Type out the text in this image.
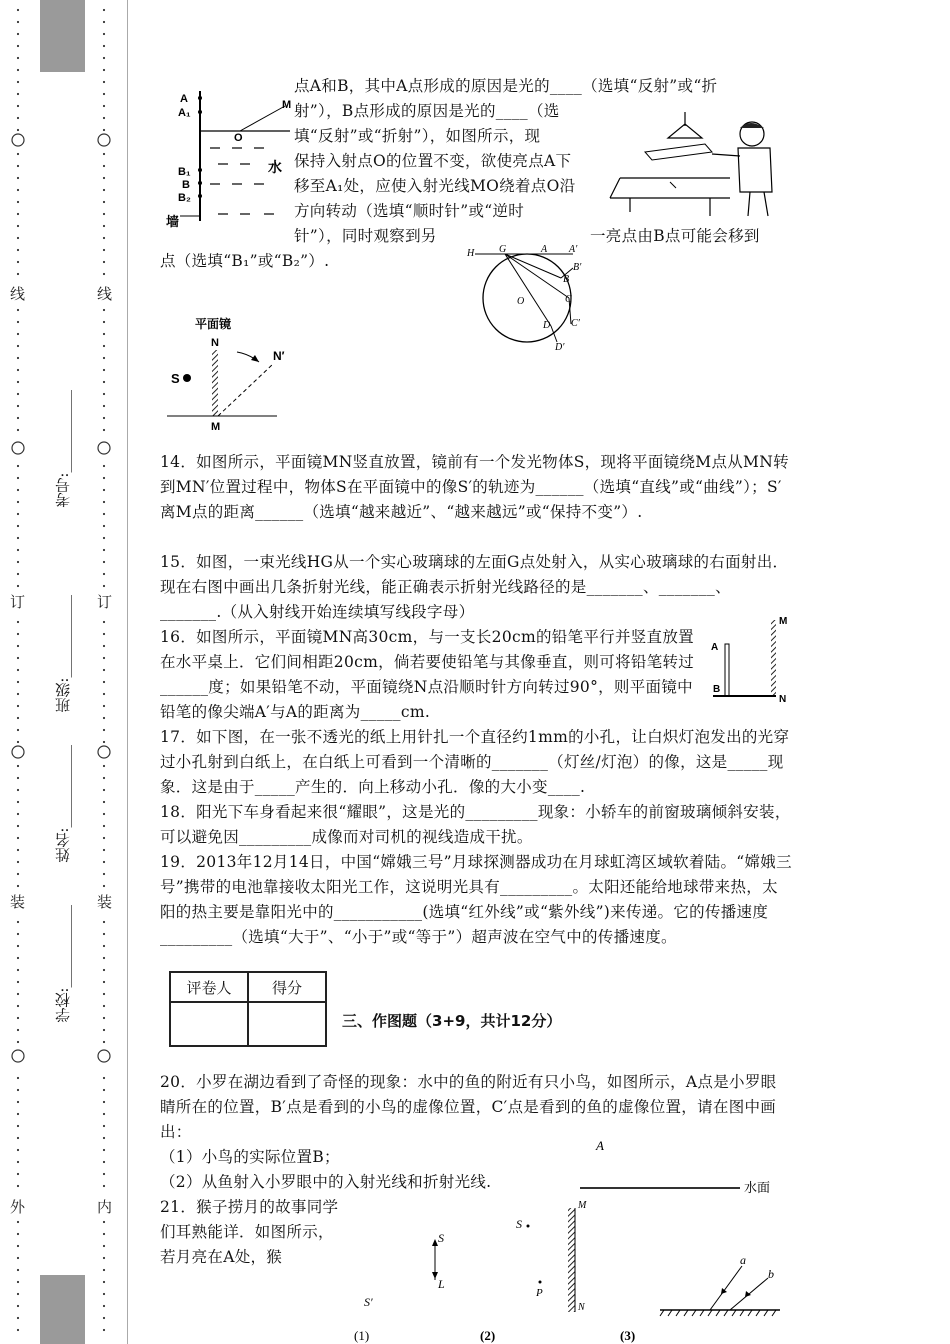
线
订
装
外
线
订
装
内
考号:___________
班级:___________
姓名:___________
学校:___________
点A和B，其中A点形成的原因是光的____（选填“反射”或“折
射”），B点形成的原因是光的____（选
填“反射”或“折射”），如图所示，现
保持入射点O的位置不变，欲使亮点A下
移至A₁处，应使入射光线MO绕着点O沿
方向转动（选填“顺时针”或“逆时
针”），同时观察到另	一亮点由B点可能会移到
点（选填“B₁”或“B₂”）.
14．如图所示，平面镜MN竖直放置，镜前有一个发光物体S，现将平面镜绕M点从MN转到MN′位置过程中，物体S在平面镜中的像S′的轨迹为______（选填“直线”或“曲线”）；S′离M点的距离______（选填“越来越近”、“越来越远”或“保持不变”）.
15．如图，一束光线HG从一个实心玻璃球的左面G点处射入，从实心玻璃球的右面射出．现在右图中画出几条折射光线，能正确表示折射光线路径的是_______、_______、_______.（从入射线开始连续填写线段字母）
16．如图所示，平面镜MN高30cm，与一支长20cm的铅笔平行并竖直放置在水平桌上．它们间相距20cm，倘若要使铅笔与其像垂直，则可将铅笔转过______度；如果铅笔不动，平面镜绕N点沿顺时针方向转过90°，则平面镜中铅笔的像尖端A′与A的距离为_____cm.
17．如下图，在一张不透光的纸上用针扎一个直径约1mm的小孔，让白炽灯泡发出的光穿过小孔射到白纸上，在白纸上可看到一个清晰的_______（灯丝/灯泡）的像，这是_____现象．这是由于_____产生的．向上移动小孔．像的大小变____.
18．阳光下车身看起来很“耀眼”，这是光的_________现象：小轿车的前窗玻璃倾斜安装，可以避免因_________成像而对司机的视线造成干扰。
19．2013年12月14日，中国“嫦娥三号”月球探测器成功在月球虹湾区域软着陆。“嫦娥三号”携带的电池靠接收太阳光工作，这说明光具有_________。太阳还能给地球带来热，太阳的热主要是靠阳光中的___________(选填“红外线”或“紫外线”)来传递。它的传播速度_________（选填“大于”、“小于”或“等于”）超声波在空气中的传播速度。
20．小罗在湖边看到了奇怪的现象：水中的鱼的附近有只小鸟，如图所示，A点是小罗眼睛所在的位置，B′点是看到的小鸟的虚像位置，C′点是看到的鱼的虚像位置，请在图中画出：
（1）小鸟的实际位置B；
（2）从鱼射入小罗眼中的入射光线和折射光线.
21．猴子捞月的故事同学们耳熟能详．如图所示，若月亮在A处，猴
A
A₁
M
O
B₁
B
B₂
水
墙
平面镜
N
S
N′
M
H G	A A′
B
B′
O	C
C′
D
D′
M
A
B
N
评卷人	得分

三、作图题（3+9，共计12分）
A
水面
S
L
S′
(1)
S
P
M
N
(2)
a
b
(3)
